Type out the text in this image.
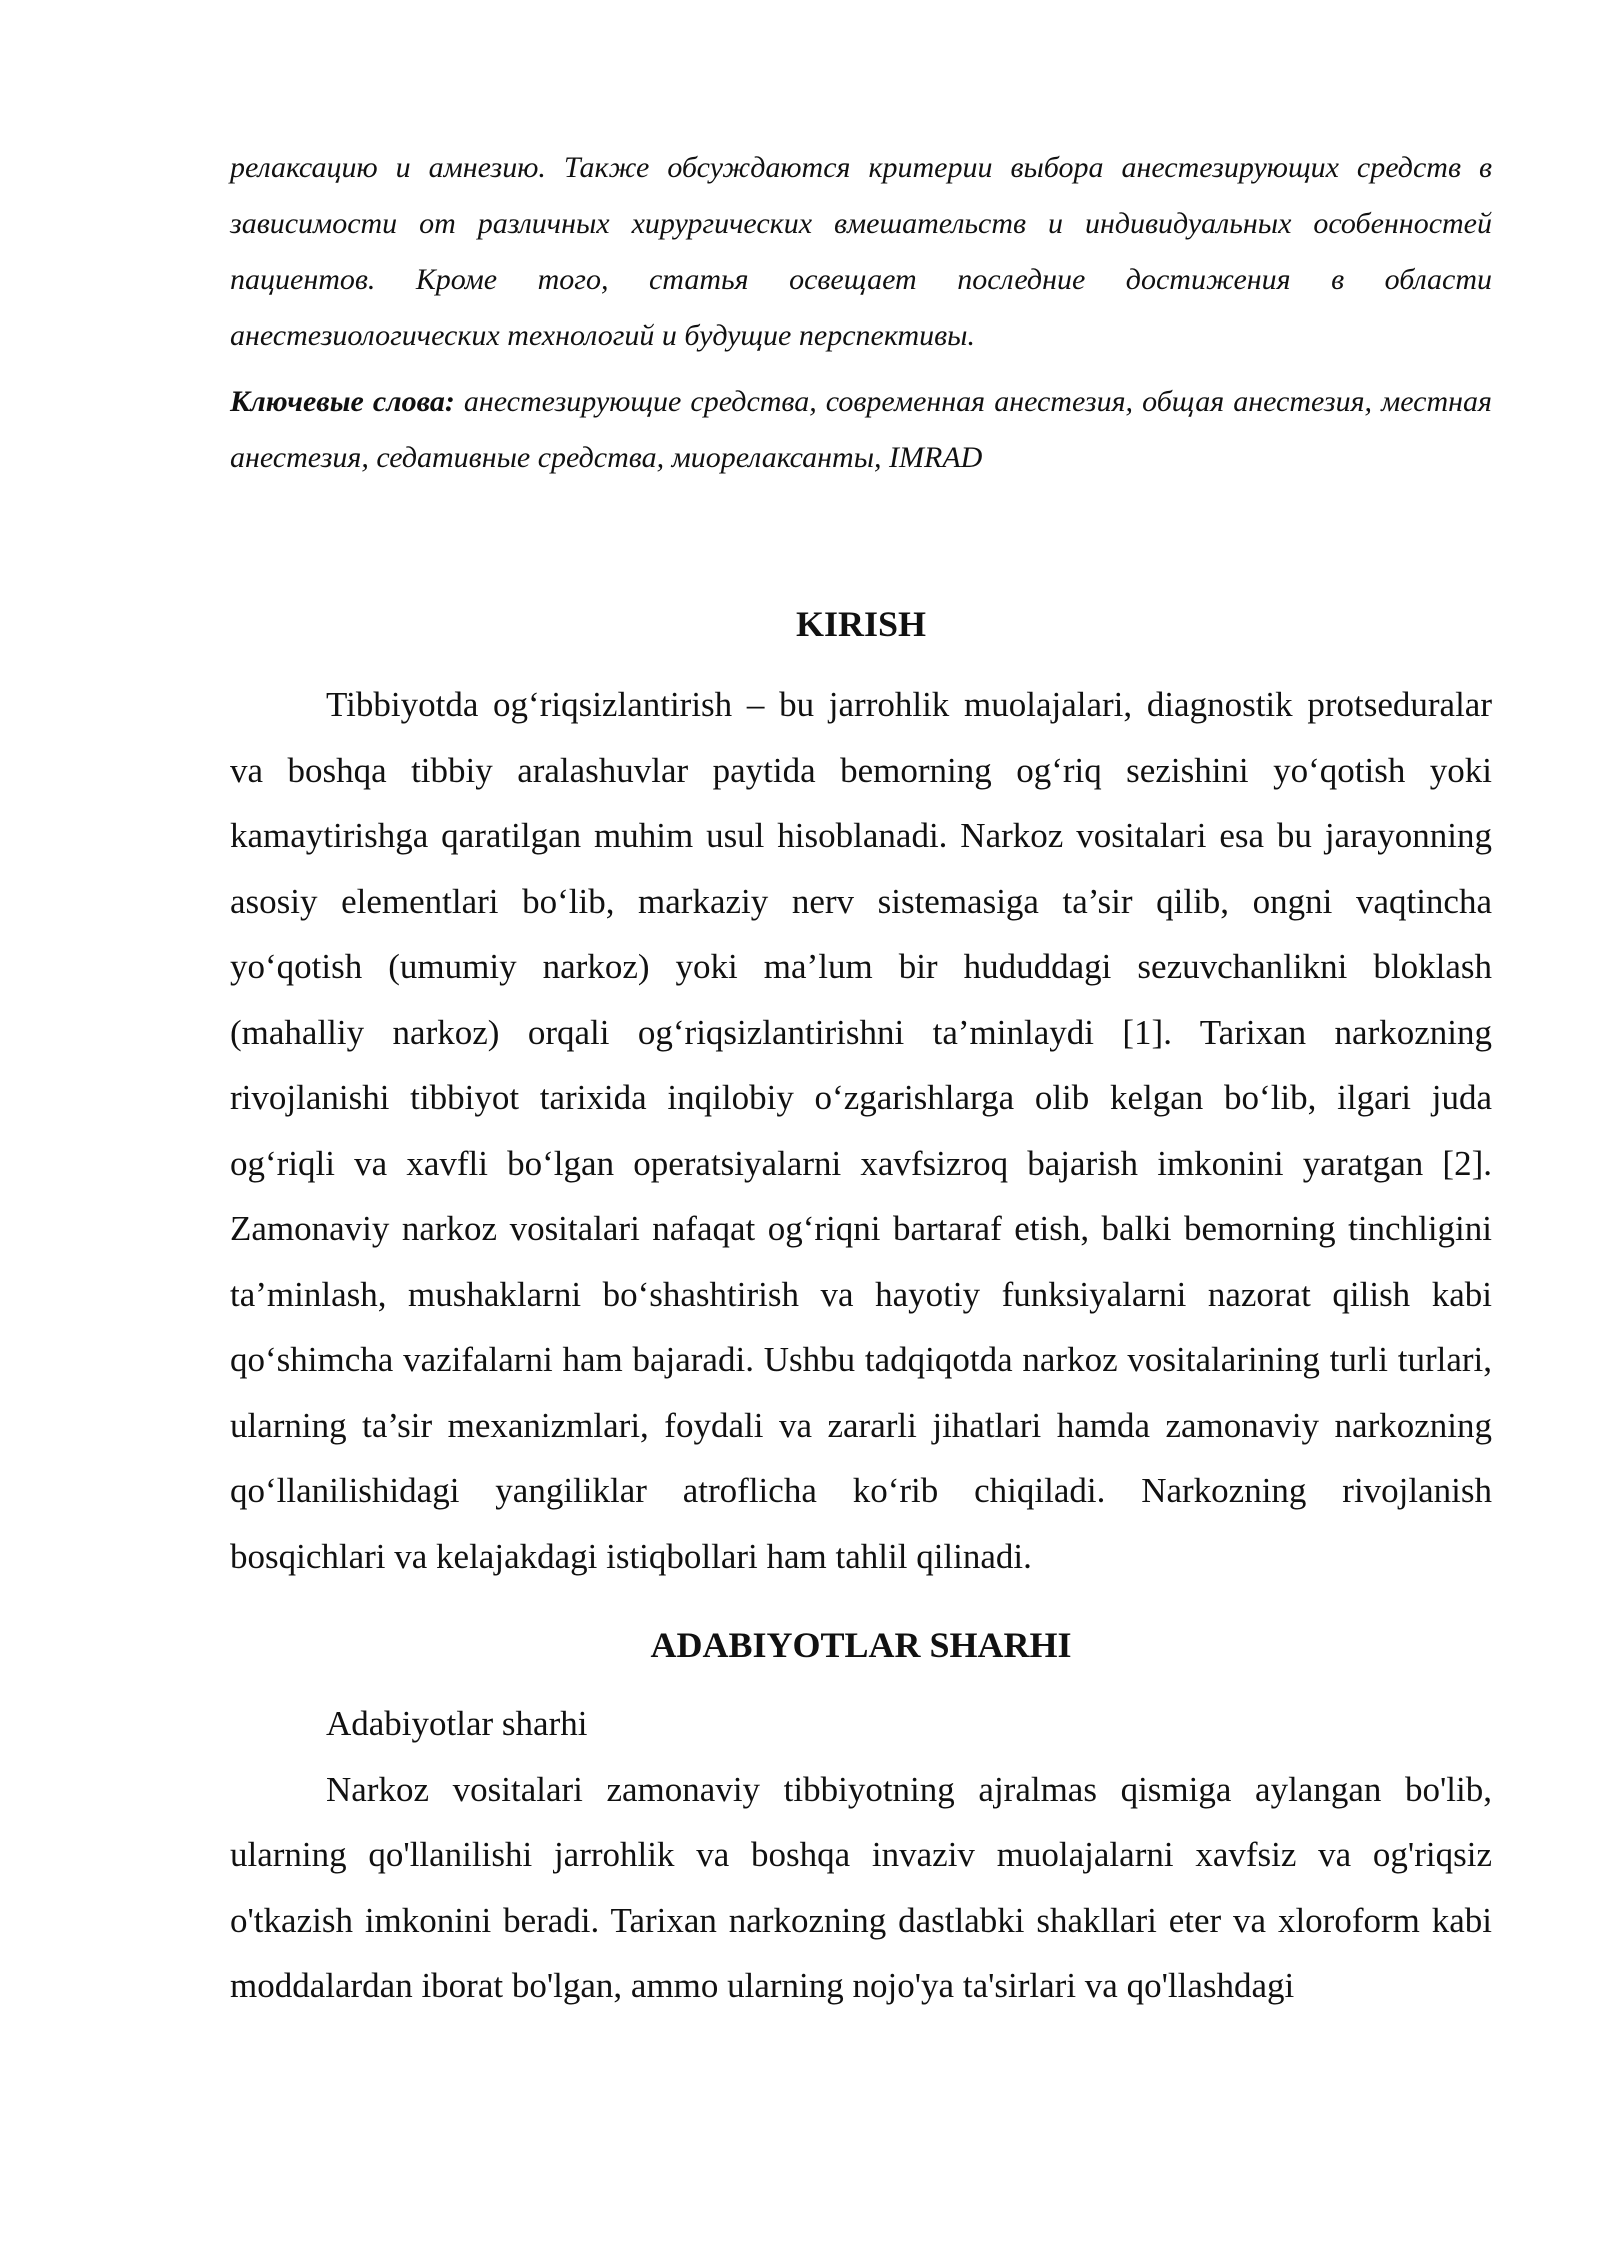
релаксацию и амнезию. Также обсуждаются критерии выбора анестезирующих средств в зависимости от различных хирургических вмешательств и индивидуальных особенностей пациентов. Кроме того, статья освещает последние достижения в области анестезиологических технологий и будущие перспективы.

Ключевые слова: анестезирующие средства, современная анестезия, общая анестезия, местная анестезия, седативные средства, миорелаксанты, IMRAD

KIRISH

Tibbiyotda og‘riqsizlantirish – bu jarrohlik muolajalari, diagnostik protseduralar va boshqa tibbiy aralashuvlar paytida bemorning og‘riq sezishini yo‘qotish yoki kamaytirishga qaratilgan muhim usul hisoblanadi. Narkoz vositalari esa bu jarayonning asosiy elementlari bo‘lib, markaziy nerv sistemasiga ta’sir qilib, ongni vaqtincha yo‘qotish (umumiy narkoz) yoki ma’lum bir hududdagi sezuvchanlikni bloklash (mahalliy narkoz) orqali og‘riqsizlantirishni ta’minlaydi [1]. Tarixan narkozning rivojlanishi tibbiyot tarixida inqilobiy o‘zgarishlarga olib kelgan bo‘lib, ilgari juda og‘riqli va xavfli bo‘lgan operatsiyalarni xavfsizroq bajarish imkonini yaratgan [2]. Zamonaviy narkoz vositalari nafaqat og‘riqni bartaraf etish, balki bemorning tinchligini ta’minlash, mushaklarni bo‘shashtirish va hayotiy funksiyalarni nazorat qilish kabi qo‘shimcha vazifalarni ham bajaradi. Ushbu tadqiqotda narkoz vositalarining turli turlari, ularning ta’sir mexanizmlari, foydali va zararli jihatlari hamda zamonaviy narkozning qo‘llanilishidagi yangiliklar atroflicha ko‘rib chiqiladi. Narkozning rivojlanish bosqichlari va kelajakdagi istiqbollari ham tahlil qilinadi.

ADABIYOTLAR SHARHI

Adabiyotlar sharhi

Narkoz vositalari zamonaviy tibbiyotning ajralmas qismiga aylangan bo'lib, ularning qo'llanilishi jarrohlik va boshqa invaziv muolajalarni xavfsiz va og'riqsiz o'tkazish imkonini beradi. Tarixan narkozning dastlabki shakllari eter va xloroform kabi moddalardan iborat bo'lgan, ammo ularning nojo'ya ta'sirlari va qo'llashdagi
